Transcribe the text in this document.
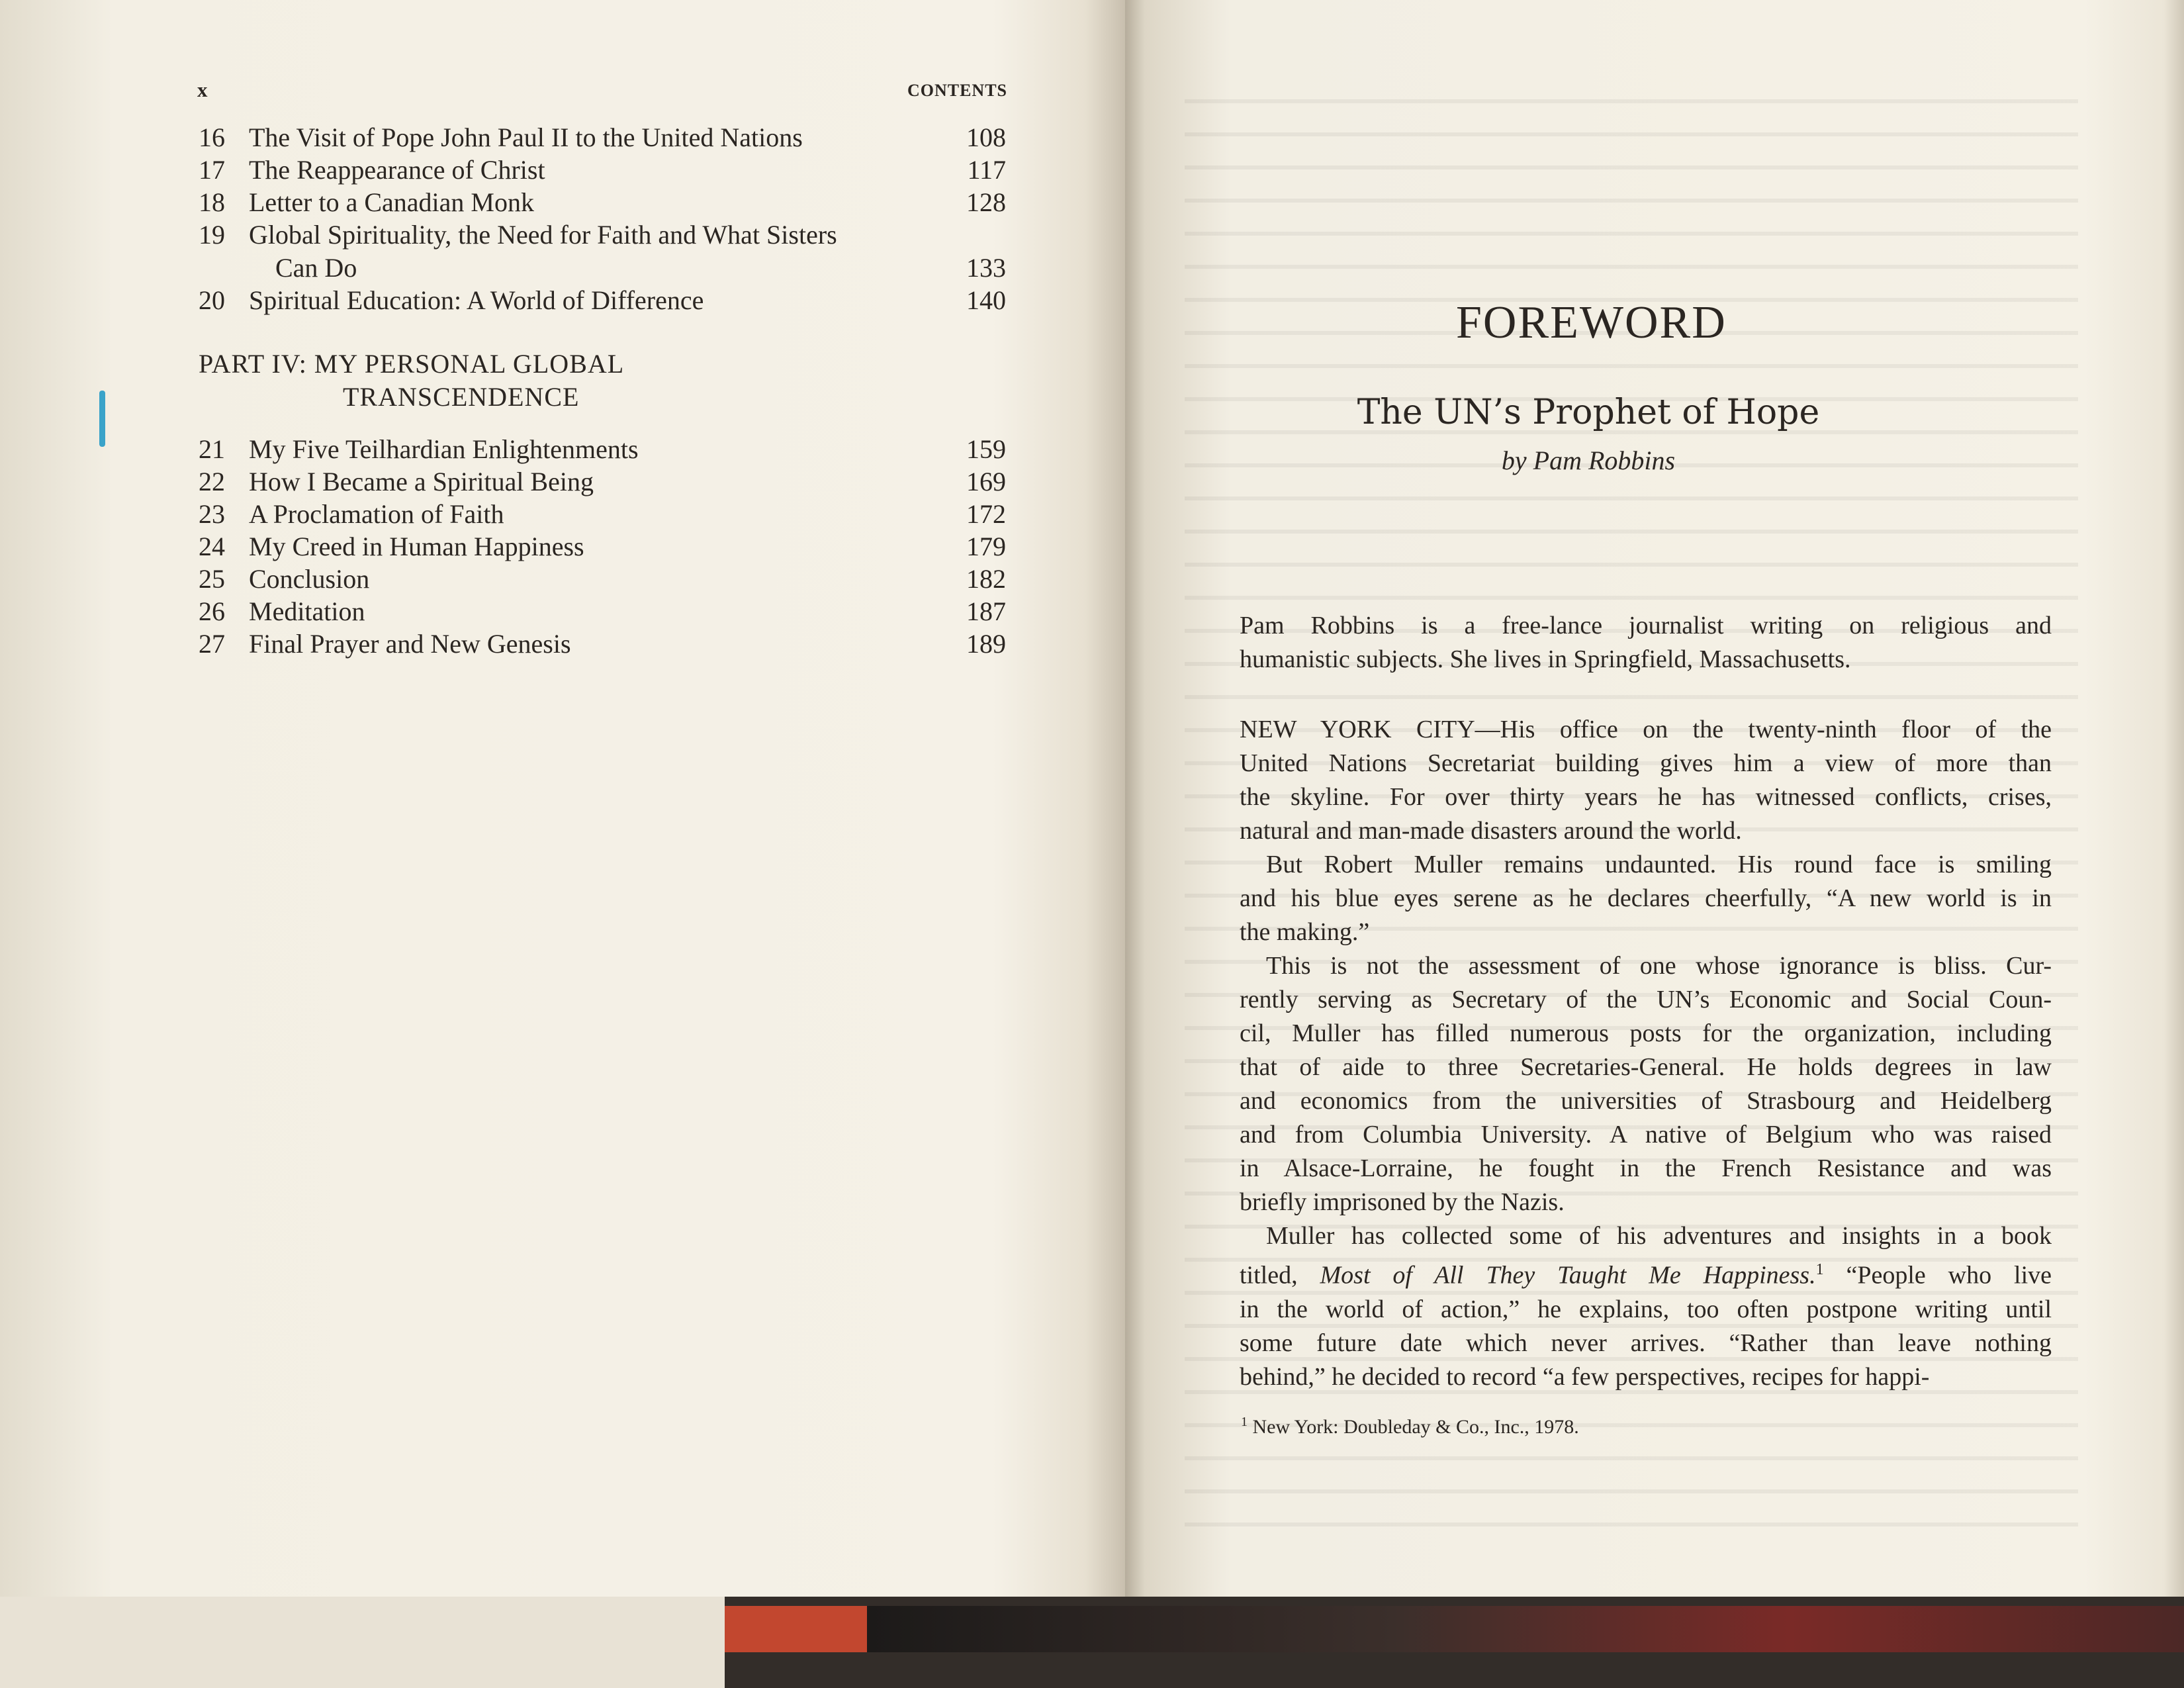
x	CONTENTS
16 The Visit of Pope John Paul II to the United Nations	108
17 The Reappearance of Christ	117
18 Letter to a Canadian Monk	128
19 Global Spirituality, the Need for Faith and What Sisters
Can Do	133
20 Spiritual Education: A World of Difference	140
PART IV: MY PERSONAL GLOBAL
TRANSCENDENCE
21 My Five Teilhardian Enlightenments	159
22 How I Became a Spiritual Being	169
23 A Proclamation of Faith	172
24 My Creed in Human Happiness	179
25 Conclusion	182
26 Meditation	187
27 Final Prayer and New Genesis	189
FOREWORD
The UN’s Prophet of Hope
by Pam Robbins
Pam Robbins is a free-lance journalist writing on religious and
humanistic subjects. She lives in Springfield, Massachusetts.
NEW YORK CITY—His office on the twenty-ninth floor of the
United Nations Secretariat building gives him a view of more than
the skyline. For over thirty years he has witnessed conflicts, crises,
natural and man-made disasters around the world.
But Robert Muller remains undaunted. His round face is smiling
and his blue eyes serene as he declares cheerfully, “A new world is in
the making.”
This is not the assessment of one whose ignorance is bliss. Cur-
rently serving as Secretary of the UN’s Economic and Social Coun-
cil, Muller has filled numerous posts for the organization, including
that of aide to three Secretaries-General. He holds degrees in law
and economics from the universities of Strasbourg and Heidelberg
and from Columbia University. A native of Belgium who was raised
in Alsace-Lorraine, he fought in the French Resistance and was
briefly imprisoned by the Nazis.
Muller has collected some of his adventures and insights in a book
titled, Most of All They Taught Me Happiness.$^1$ “People who live
in the world of action,” he explains, too often postpone writing until
some future date which never arrives. “Rather than leave nothing
behind,” he decided to record “a few perspectives, recipes for happi-
$^1$ New York: Doubleday & Co., Inc., 1978.
